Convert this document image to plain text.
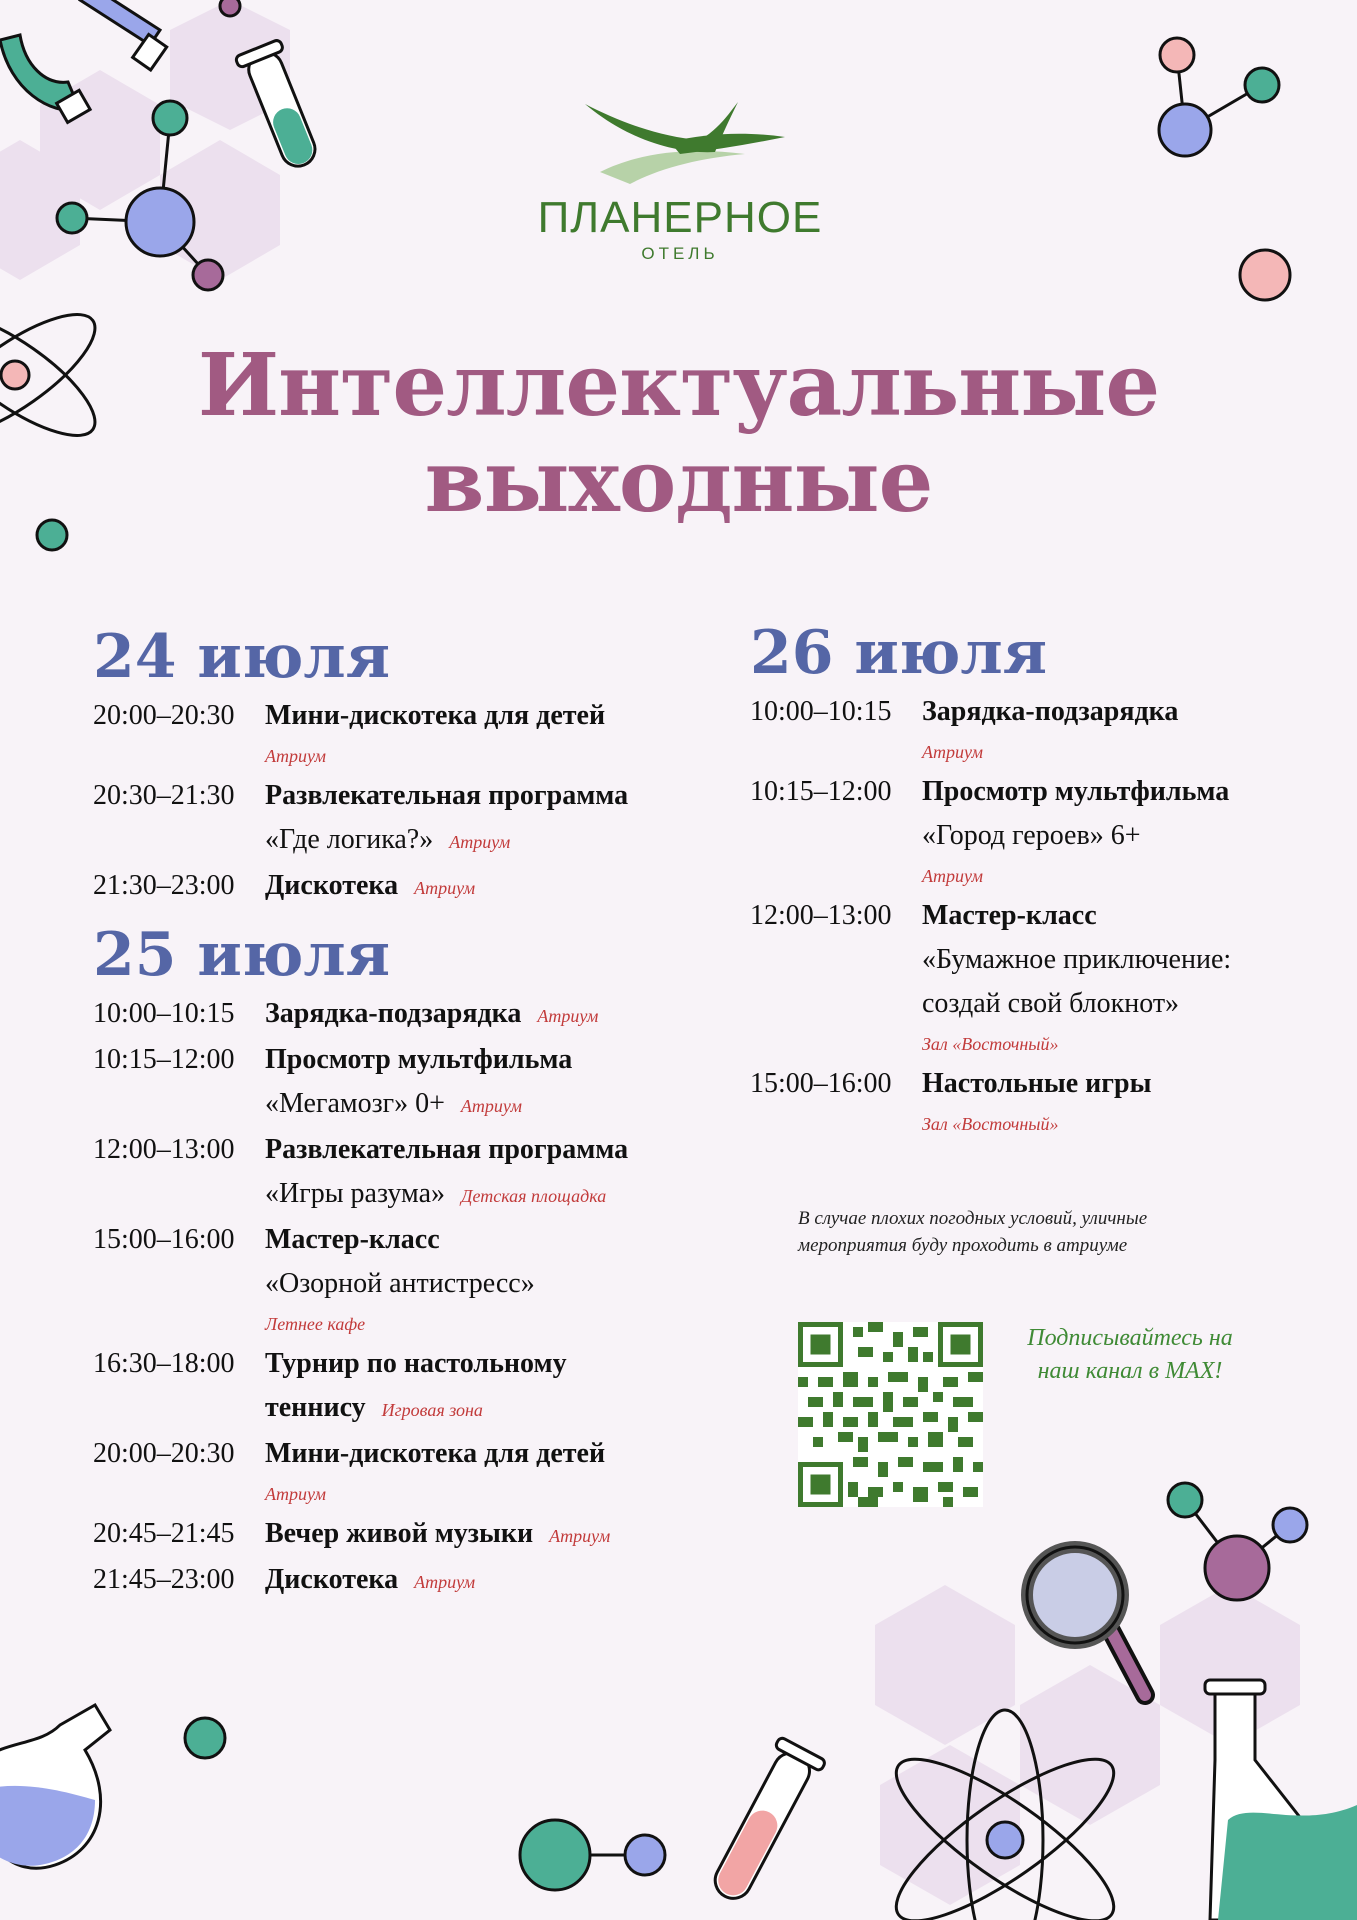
ПЛАНЕРНОЕ
ОТЕЛЬ
Интеллектуальные
выходные
24 июля
20:00–20:30	Мини-дискотека для детей
Атриум
20:30–21:30	Развлекательная программа
«Где логика?» Атриум
21:30–23:00	Дискотека Атриум
25 июля
10:00–10:15	Зарядка-подзарядка Атриум
10:15–12:00	Просмотр мультфильма
«Мегамозг» 0+ Атриум
12:00–13:00	Развлекательная программа
«Игры разума» Детская площадка
15:00–16:00	Мастер-класс
«Озорной антистресс»
Летнее кафе
16:30–18:00	Турнир по настольному
теннису Игровая зона
20:00–20:30	Мини-дискотека для детей
Атриум
20:45–21:45	Вечер живой музыки Атриум
21:45–23:00	Дискотека Атриум
26 июля
10:00–10:15	Зарядка-подзарядка
Атриум
10:15–12:00	Просмотр мультфильма
«Город героев» 6+
Атриум
12:00–13:00	Мастер-класс
«Бумажное приключение:
создай свой блокнот»
Зал «Восточный»
15:00–16:00	Настольные игры
Зал «Восточный»
В случае плохих погодных условий, уличные
мероприятия буду проходить в атриуме
Подписывайтесь на
наш канал в MAX!
